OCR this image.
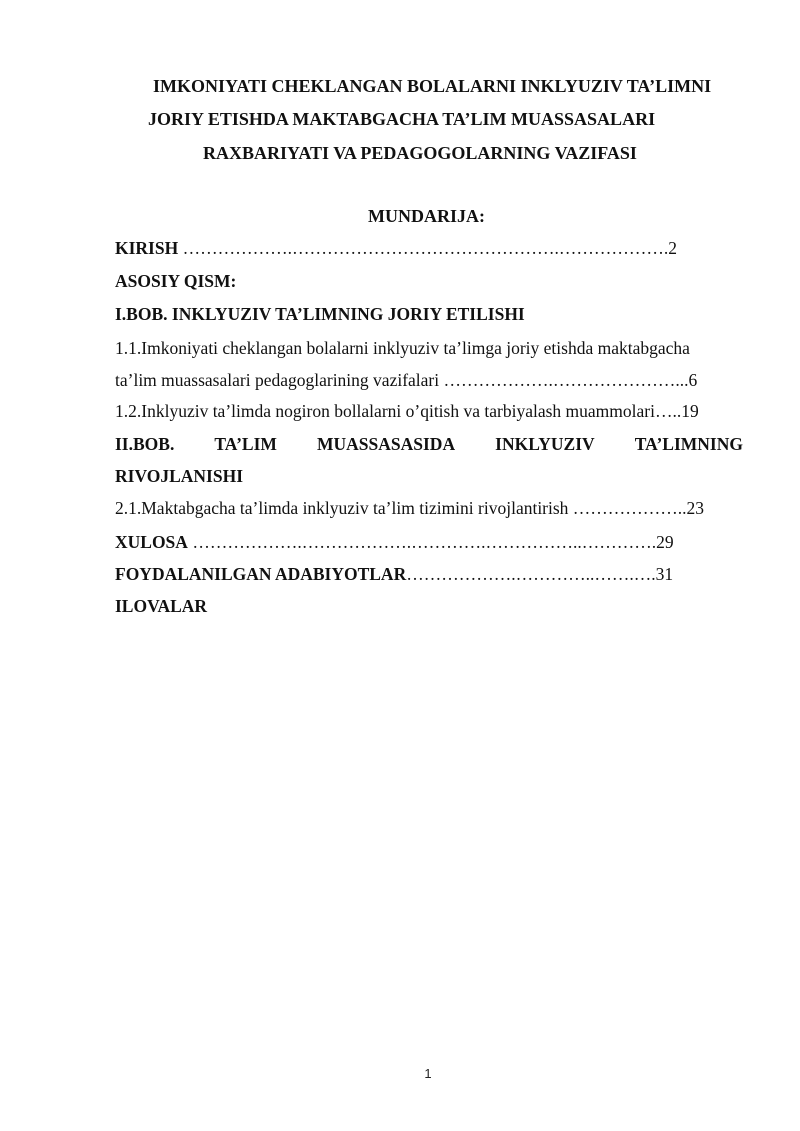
IMKONIYATI CHEKLANGAN BOLALARNI INKLYUZIV TA’LIMNI
JORIY ETISHDA MAKTABGACHA TA’LIM MUASSASALARI
RAXBARIYATI VA PEDAGOGOLARNING VAZIFASI
MUNDARIJA:
KIRISH ……………….……………………………………….……………….2
ASOSIY QISM:
I.BOB. INKLYUZIV TA’LIMNING JORIY ETILISHI
1.1.Imkoniyati cheklangan bolalarni inklyuziv ta’limga joriy etishda maktabgacha
ta’lim muassasalari pedagoglarining vazifalari ……………….…………………...6
1.2.Inklyuziv ta’limda nogiron bollalarni o’qitish va tarbiyalash muammolari…..19
II.BOB. TA’LIM MUASSASASIDA INKLYUZIV TA’LIMNING
RIVOJLANISHI
2.1.Maktabgacha ta’limda inklyuziv ta’lim tizimini rivojlantirish ………………..23
XULOSA ……………….……………….………….……………..………….29
FOYDALANILGAN ADABIYOTLAR……………….…………..…….….31
ILOVALAR
1
